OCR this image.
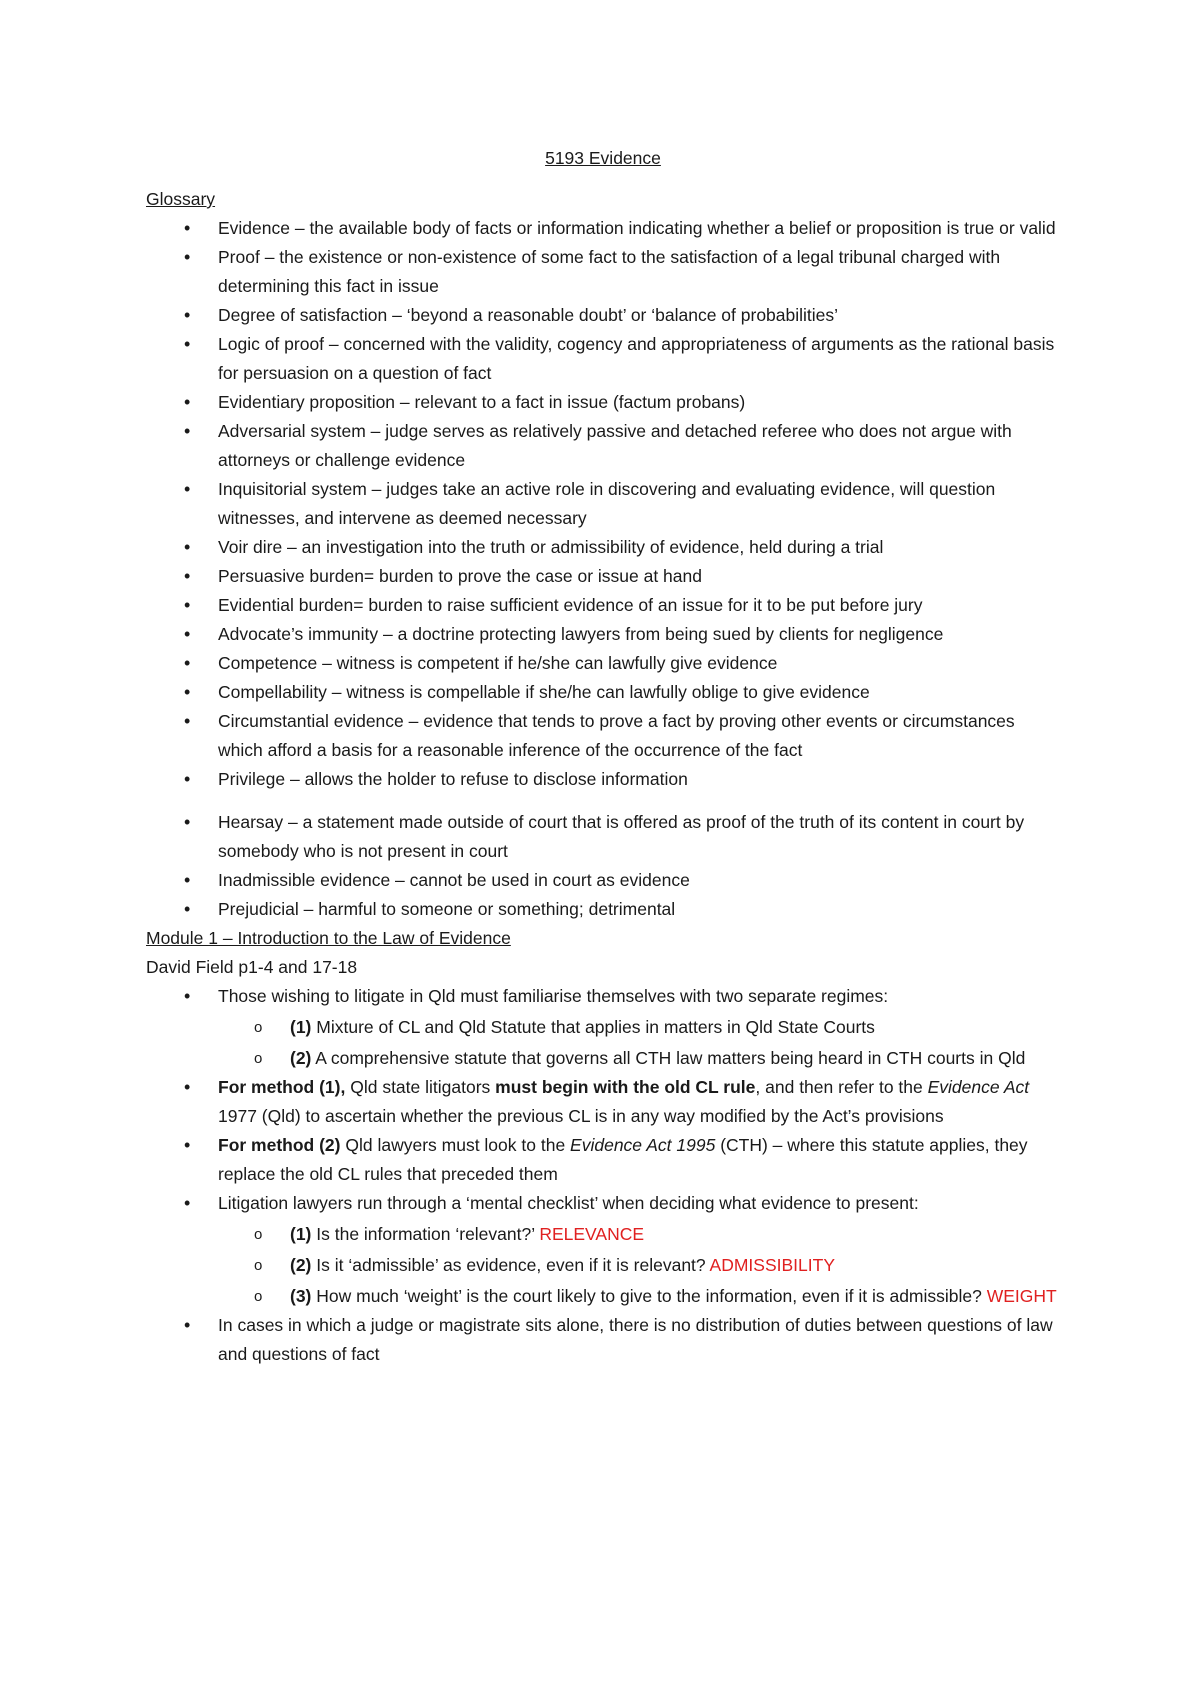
5193 Evidence
Glossary
• Evidence – the available body of facts or information indicating whether a belief or proposition is true or valid
• Proof – the existence or non-existence of some fact to the satisfaction of a legal tribunal charged with determining this fact in issue
• Degree of satisfaction – ‘beyond a reasonable doubt’ or ‘balance of probabilities’
• Logic of proof – concerned with the validity, cogency and appropriateness of arguments as the rational basis for persuasion on a question of fact
• Evidentiary proposition – relevant to a fact in issue (factum probans)
• Adversarial system – judge serves as relatively passive and detached referee who does not argue with attorneys or challenge evidence
• Inquisitorial system – judges take an active role in discovering and evaluating evidence, will question witnesses, and intervene as deemed necessary
• Voir dire – an investigation into the truth or admissibility of evidence, held during a trial
• Persuasive burden= burden to prove the case or issue at hand
• Evidential burden= burden to raise sufficient evidence of an issue for it to be put before jury
• Advocate’s immunity – a doctrine protecting lawyers from being sued by clients for negligence
• Competence – witness is competent if he/she can lawfully give evidence
• Compellability – witness is compellable if she/he can lawfully oblige to give evidence
• Circumstantial evidence – evidence that tends to prove a fact by proving other events or circumstances which afford a basis for a reasonable inference of the occurrence of the fact
• Privilege – allows the holder to refuse to disclose information
• Hearsay – a statement made outside of court that is offered as proof of the truth of its content in court by somebody who is not present in court
• Inadmissible evidence – cannot be used in court as evidence
• Prejudicial – harmful to someone or something; detrimental
Module 1 – Introduction to the Law of Evidence

David Field p1-4 and 17-18

• Those wishing to litigate in Qld must familiarise themselves with two separate regimes:
o (1) Mixture of CL and Qld Statute that applies in matters in Qld State Courts
o (2) A comprehensive statute that governs all CTH law matters being heard in CTH courts in Qld
• For method (1), Qld state litigators must begin with the old CL rule, and then refer to the Evidence Act 1977 (Qld) to ascertain whether the previous CL is in any way modified by the Act’s provisions
• For method (2) Qld lawyers must look to the Evidence Act 1995 (CTH) – where this statute applies, they replace the old CL rules that preceded them
• Litigation lawyers run through a ‘mental checklist’ when deciding what evidence to present:
o (1) Is the information ‘relevant?’ RELEVANCE
o (2) Is it ‘admissible’ as evidence, even if it is relevant? ADMISSIBILITY
o (3) How much ‘weight’ is the court likely to give to the information, even if it is admissible? WEIGHT
• In cases in which a judge or magistrate sits alone, there is no distribution of duties between questions of law and questions of fact
